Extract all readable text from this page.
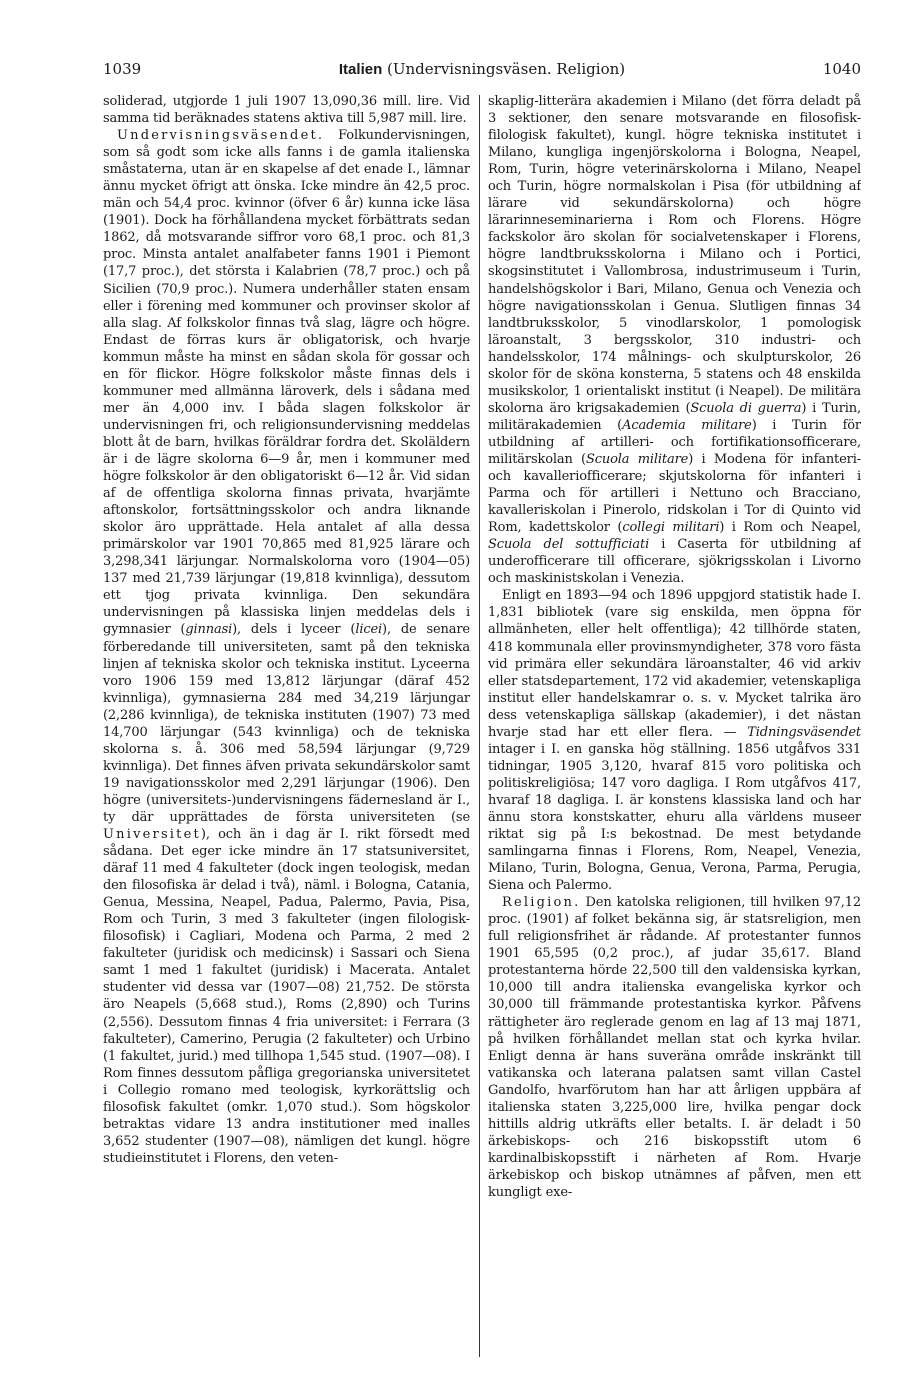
1039	Italien (Undervisningsväsen. Religion)	1040

soliderad, utgjorde 1 juli 1907 13,090,36 mill. lire. Vid samma tid beräknades statens aktiva till 5,987 mill. lire.

Undervisningsväsendet. Folkundervisningen, som så godt som icke alls fanns i de gamla italienska småstaterna, utan är en skapelse af det enade I., lämnar ännu mycket öfrigt att önska. Icke mindre än 42,5 proc. män och 54,4 proc. kvinnor (öfver 6 år) kunna icke läsa (1901). Dock ha förhållandena mycket förbättrats sedan 1862, då motsvarande siffror voro 68,1 proc. och 81,3 proc. Minsta antalet analfabeter fanns 1901 i Piemont (17,7 proc.), det största i Kalabrien (78,7 proc.) och på Sicilien (70,9 proc.). Numera underhåller staten ensam eller i förening med kommuner och provinser skolor af alla slag. Af folkskolor finnas två slag, lägre och högre. Endast de förras kurs är obligatorisk, och hvarje kommun måste ha minst en sådan skola för gossar och en för flickor. Högre folkskolor måste finnas dels i kommuner med allmänna läroverk, dels i sådana med mer än 4,000 inv. I båda slagen folkskolor är undervisningen fri, och religionsundervisning meddelas blott åt de barn, hvilkas föräldrar fordra det. Skoläldern är i de lägre skolorna 6—9 år, men i kommuner med högre folkskolor är den obligatoriskt 6—12 år. Vid sidan af de offentliga skolorna finnas privata, hvarjämte aftonskolor, fortsättningsskolor och andra liknande skolor äro upprättade. Hela antalet af alla dessa primärskolor var 1901 70,865 med 81,925 lärare och 3,298,341 lärjungar. Normalskolorna voro (1904—05) 137 med 21,739 lärjungar (19,818 kvinnliga), dessutom ett tjog privata kvinnliga. Den sekundära undervisningen på klassiska linjen meddelas dels i gymnasier (ginnasi), dels i lyceer (licei), de senare förberedande till universiteten, samt på den tekniska linjen af tekniska skolor och tekniska institut. Lyceerna voro 1906 159 med 13,812 lärjungar (däraf 452 kvinnliga), gymnasierna 284 med 34,219 lärjungar (2,286 kvinnliga), de tekniska instituten (1907) 73 med 14,700 lärjungar (543 kvinnliga) och de tekniska skolorna s. å. 306 med 58,594 lärjungar (9,729 kvinnliga). Det finnes äfven privata sekundärskolor samt 19 navigationsskolor med 2,291 lärjungar (1906). Den högre (universitets-)undervisningens fädernesland är I., ty där upprättades de första universiteten (se Universitet), och än i dag är I. rikt försedt med sådana. Det eger icke mindre än 17 statsuniversitet, däraf 11 med 4 fakulteter (dock ingen teologisk, medan den filosofiska är delad i två), näml. i Bologna, Catania, Genua, Messina, Neapel, Padua, Palermo, Pavia, Pisa, Rom och Turin, 3 med 3 fakulteter (ingen filologisk-filosofisk) i Cagliari, Modena och Parma, 2 med 2 fakulteter (juridisk och medicinsk) i Sassari och Siena samt 1 med 1 fakultet (juridisk) i Macerata. Antalet studenter vid dessa var (1907—08) 21,752. De största äro Neapels (5,668 stud.), Roms (2,890) och Turins (2,556). Dessutom finnas 4 fria universitet: i Ferrara (3 fakulteter), Camerino, Perugia (2 fakulteter) och Urbino (1 fakultet, jurid.) med tillhopa 1,545 stud. (1907—08). I Rom finnes dessutom påfliga gregorianska universitetet i Collegio romano med teologisk, kyrkorättslig och filosofisk fakultet (omkr. 1,070 stud.). Som högskolor betraktas vidare 13 andra institutioner med inalles 3,652 studenter (1907—08), nämligen det kungl. högre studieinstitutet i Florens, den veten-

skaplig-litterära akademien i Milano (det förra deladt på 3 sektioner, den senare motsvarande en filosofisk-filologisk fakultet), kungl. högre tekniska institutet i Milano, kungliga ingenjörskolorna i Bologna, Neapel, Rom, Turin, högre veterinärskolorna i Milano, Neapel och Turin, högre normalskolan i Pisa (för utbildning af lärare vid sekundärskolorna) och högre lärarinneseminarierna i Rom och Florens. Högre fackskolor äro skolan för socialvetenskaper i Florens, högre landtbruksskolorna i Milano och i Portici, skogsinstitutet i Vallombrosa, industrimuseum i Turin, handelshögskolor i Bari, Milano, Genua och Venezia och högre navigationsskolan i Genua. Slutligen finnas 34 landtbruksskolor, 5 vinodlarskolor, 1 pomologisk läroanstalt, 3 bergsskolor, 310 industri- och handelsskolor, 174 målnings- och skulpturskolor, 26 skolor för de sköna konsterna, 5 statens och 48 enskilda musikskolor, 1 orientaliskt institut (i Neapel). De militära skolorna äro krigsakademien (Scuola di guerra) i Turin, militärakademien (Academia militare) i Turin för utbildning af artilleri- och fortifikationsofficerare, militärskolan (Scuola militare) i Modena för infanteri- och kavalleriofficerare; skjutskolorna för infanteri i Parma och för artilleri i Nettuno och Bracciano, kavalleriskolan i Pinerolo, ridskolan i Tor di Quinto vid Rom, kadettskolor (collegi militari) i Rom och Neapel, Scuola del sottufficiati i Caserta för utbildning af underofficerare till officerare, sjökrigsskolan i Livorno och maskinistskolan i Venezia.

Enligt en 1893—94 och 1896 uppgjord statistik hade I. 1,831 bibliotek (vare sig enskilda, men öppna för allmänheten, eller helt offentliga); 42 tillhörde staten, 418 kommunala eller provinsmyndigheter, 378 voro fästa vid primära eller sekundära läroanstalter, 46 vid arkiv eller statsdepartement, 172 vid akademier, vetenskapliga institut eller handelskamrar o. s. v. Mycket talrika äro dess vetenskapliga sällskap (akademier), i det nästan hvarje stad har ett eller flera. — Tidningsväsendet intager i I. en ganska hög ställning. 1856 utgåfvos 331 tidningar, 1905 3,120, hvaraf 815 voro politiska och politiskreligiösa; 147 voro dagliga. I Rom utgåfvos 417, hvaraf 18 dagliga. I. är konstens klassiska land och har ännu stora konstskatter, ehuru alla världens museer riktat sig på I:s bekostnad. De mest betydande samlingarna finnas i Florens, Rom, Neapel, Venezia, Milano, Turin, Bologna, Genua, Verona, Parma, Perugia, Siena och Palermo.

Religion. Den katolska religionen, till hvilken 97,12 proc. (1901) af folket bekänna sig, är statsreligion, men full religionsfrihet är rådande. Af protestanter funnos 1901 65,595 (0,2 proc.), af judar 35,617. Bland protestanterna hörde 22,500 till den valdensiska kyrkan, 10,000 till andra italienska evangeliska kyrkor och 30,000 till främmande protestantiska kyrkor. Påfvens rättigheter äro reglerade genom en lag af 13 maj 1871, på hvilken förhållandet mellan stat och kyrka hvilar. Enligt denna är hans suveräna område inskränkt till vatikanska och laterana palatsen samt villan Castel Gandolfo, hvarförutom han har att årligen uppbära af italienska staten 3,225,000 lire, hvilka pengar dock hittills aldrig utkräfts eller betalts. I. är deladt i 50 ärkebiskops- och 216 biskopsstift utom 6 kardinalbiskopsstift i närheten af Rom. Hvarje ärkebiskop och biskop utnämnes af påfven, men ett kungligt exe-
